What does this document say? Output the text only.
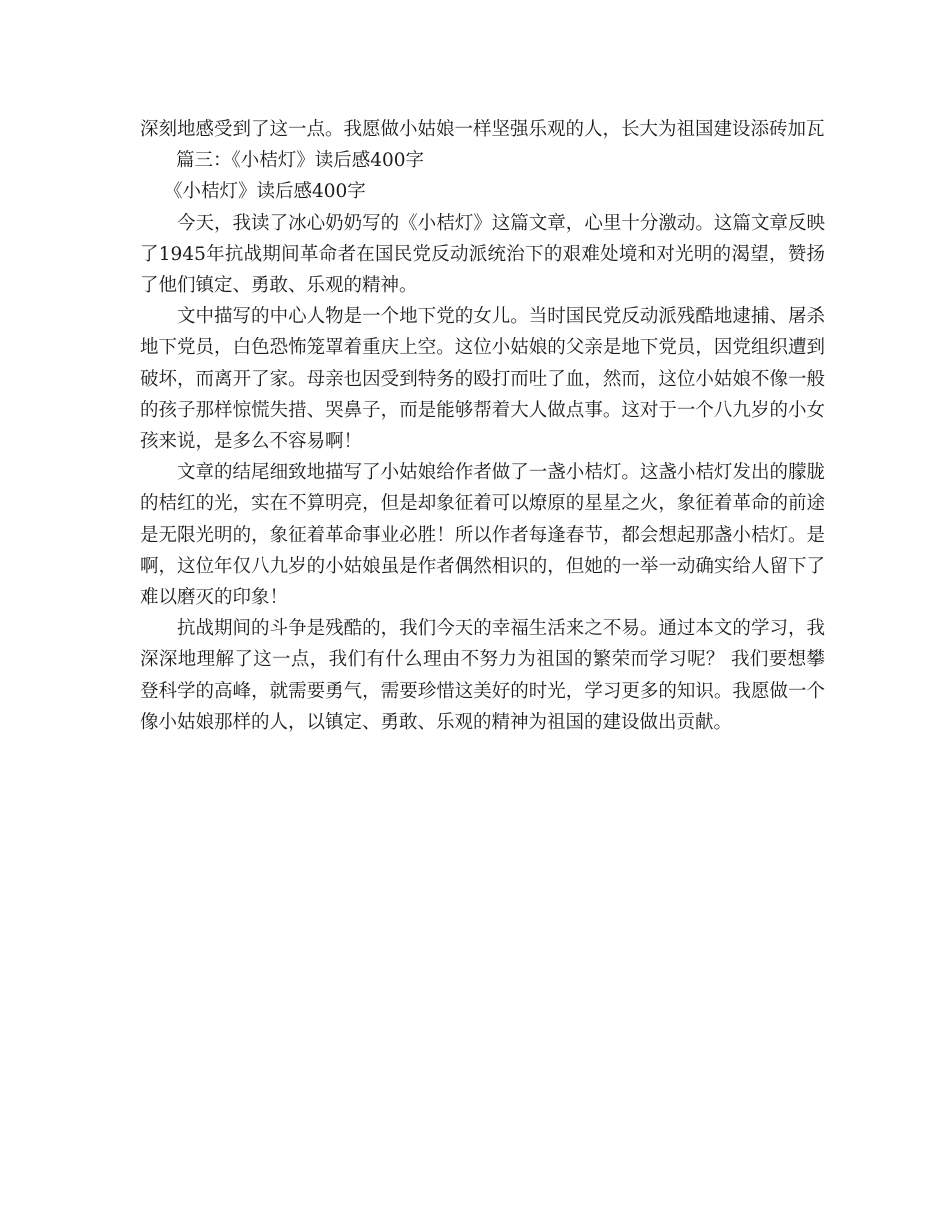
深刻地感受到了这一点。我愿做小姑娘一样坚强乐观的人，长大为祖国建设添砖加瓦

篇三：《小桔灯》读后感400字

《小桔灯》读后感400字

今天，我读了冰心奶奶写的《小桔灯》这篇文章，心里十分激动。这篇文章反映了1945年抗战期间革命者在国民党反动派统治下的艰难处境和对光明的渴望，赞扬了他们镇定、勇敢、乐观的精神。

文中描写的中心人物是一个地下党的女儿。当时国民党反动派残酷地逮捕、屠杀地下党员，白色恐怖笼罩着重庆上空。这位小姑娘的父亲是地下党员，因党组织遭到破坏，而离开了家。母亲也因受到特务的殴打而吐了血，然而，这位小姑娘不像一般的孩子那样惊慌失措、哭鼻子，而是能够帮着大人做点事。这对于一个八九岁的小女孩来说，是多么不容易啊！

文章的结尾细致地描写了小姑娘给作者做了一盏小桔灯。这盏小桔灯发出的朦胧的桔红的光，实在不算明亮，但是却象征着可以燎原的星星之火，象征着革命的前途是无限光明的，象征着革命事业必胜！所以作者每逢春节，都会想起那盏小桔灯。是啊，这位年仅八九岁的小姑娘虽是作者偶然相识的，但她的一举一动确实给人留下了难以磨灭的印象！

抗战期间的斗争是残酷的，我们今天的幸福生活来之不易。通过本文的学习，我深深地理解了这一点，我们有什么理由不努力为祖国的繁荣而学习呢？ 我们要想攀登科学的高峰，就需要勇气，需要珍惜这美好的时光，学习更多的知识。我愿做一个像小姑娘那样的人，以镇定、勇敢、乐观的精神为祖国的建设做出贡献。
